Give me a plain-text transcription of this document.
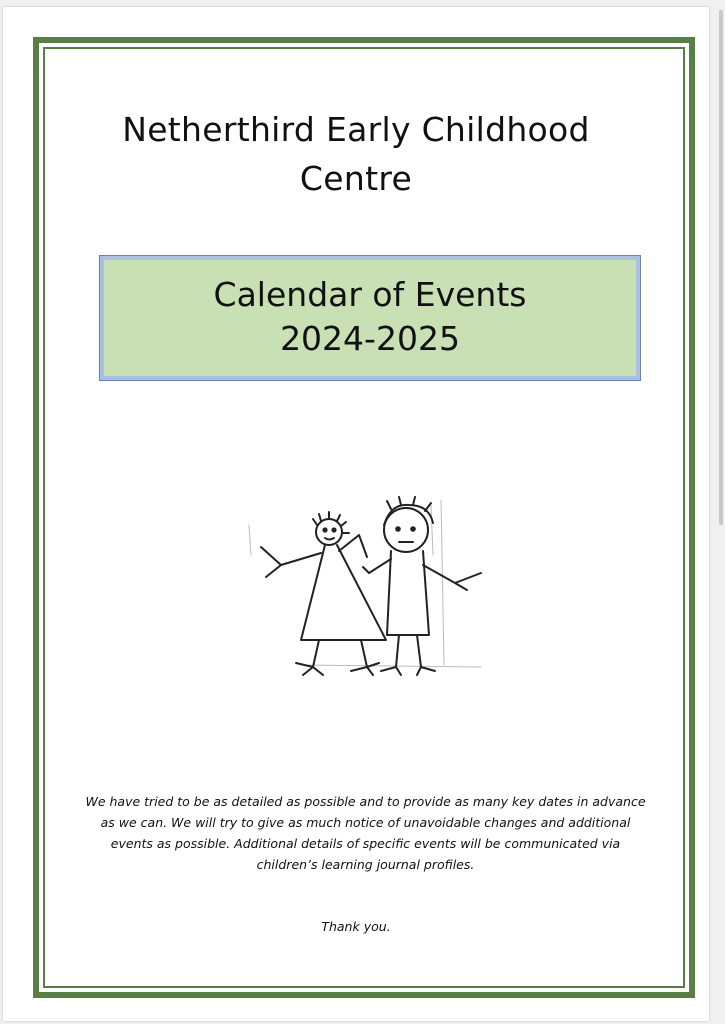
Netherthird Early Childhood
Centre
Calendar of Events
2024-2025
We have tried to be as detailed as possible and to provide as many key dates in advance as we can. We will try to give as much notice of unavoidable changes and additional events as possible. Additional details of specific events will be communicated via children’s learning journal profiles.
Thank you.
